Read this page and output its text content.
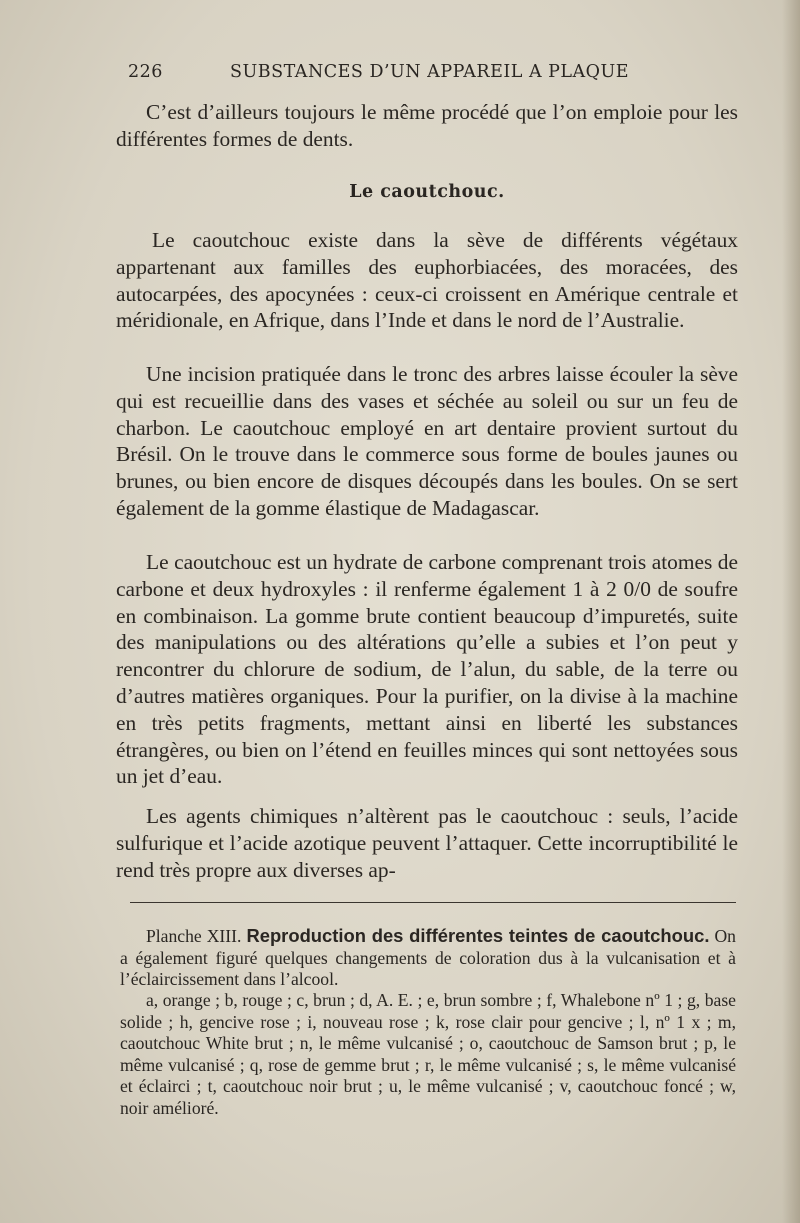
226	SUBSTANCES D’UN APPAREIL A PLAQUE

C’est d’ailleurs toujours le même procédé que l’on emploie pour les différentes formes de dents.

Le caoutchouc.

Le caoutchouc existe dans la sève de différents végétaux appartenant aux familles des euphorbiacées, des moracées, des autocarpées, des apocynées : ceux-ci croissent en Amérique centrale et méridionale, en Afrique, dans l’Inde et dans le nord de l’Australie.

Une incision pratiquée dans le tronc des arbres laisse écouler la sève qui est recueillie dans des vases et séchée au soleil ou sur un feu de charbon. Le caoutchouc employé en art dentaire provient surtout du Brésil. On le trouve dans le commerce sous forme de boules jaunes ou brunes, ou bien encore de disques découpés dans les boules. On se sert également de la gomme élastique de Madagascar.

Le caoutchouc est un hydrate de carbone comprenant trois atomes de carbone et deux hydroxyles : il renferme également 1 à 2 0/0 de soufre en combinaison. La gomme brute contient beaucoup d’impuretés, suite des manipulations ou des altérations qu’elle a subies et l’on peut y rencontrer du chlorure de sodium, de l’alun, du sable, de la terre ou d’autres matières organiques. Pour la purifier, on la divise à la machine en très petits fragments, mettant ainsi en liberté les substances étrangères, ou bien on l’étend en feuilles minces qui sont nettoyées sous un jet d’eau.

Les agents chimiques n’altèrent pas le caoutchouc : seuls, l’acide sulfurique et l’acide azotique peuvent l’attaquer. Cette incorruptibilité le rend très propre aux diverses ap-

Planche XIII. Reproduction des différentes teintes de caoutchouc. On a également figuré quelques changements de coloration dus à la vulcanisation et à l’éclaircissement dans l’alcool.

a, orange ; b, rouge ; c, brun ; d, A. E. ; e, brun sombre ; f, Whalebone nº 1 ; g, base solide ; h, gencive rose ; i, nouveau rose ; k, rose clair pour gencive ; l, nº 1 x ; m, caoutchouc White brut ; n, le même vulcanisé ; o, caoutchouc de Samson brut ; p, le même vulcanisé ; q, rose de gemme brut ; r, le même vulcanisé ; s, le même vulcanisé et éclairci ; t, caoutchouc noir brut ; u, le même vulcanisé ; v, caoutchouc foncé ; w, noir amélioré.
